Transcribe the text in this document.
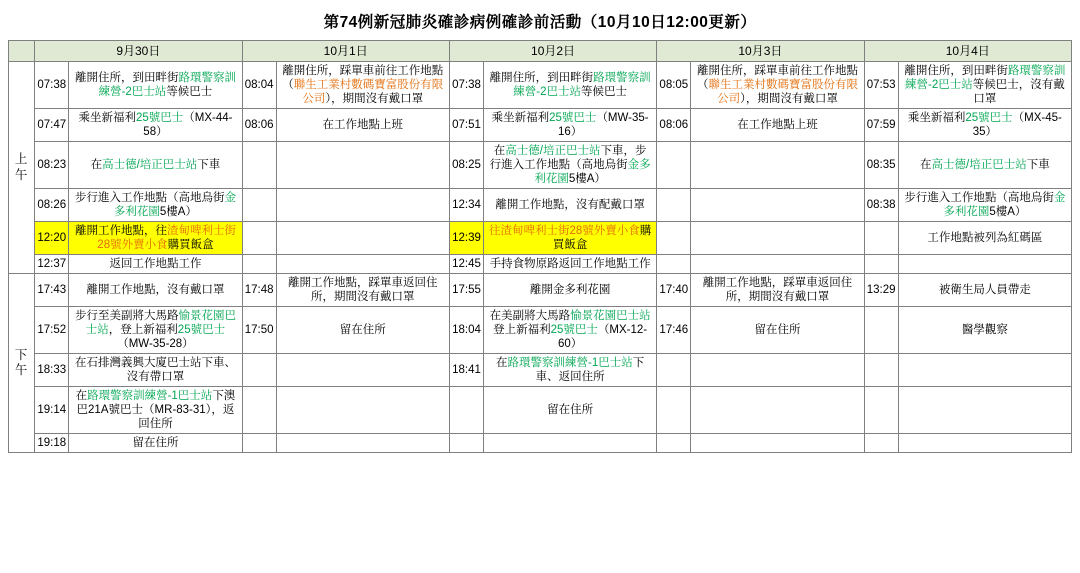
第74例新冠肺炎確診病例確診前活動（10月10日12:00更新）
	9月30日		10月1日		10月2日		10月3日		10月4日	
上午	07:38	離開住所，到田畔街路環警察訓練營-2巴士站等候巴士	08:04	離開住所，踩單車前往工作地點（聯生工業村數碼寶富股份有限公司），期間沒有戴口罩	07:38	離開住所，到田畔街路環警察訓練營-2巴士站等候巴士	08:05	離開住所，踩單車前往工作地點（聯生工業村數碼寶富股份有限公司），期間沒有戴口罩	07:53	離開住所，到田畔街路環警察訓練營-2巴士站等候巴士，沒有戴口罩
	07:47	乘坐新福利25號巴士（MX-44-58）	08:06	在工作地點上班	07:51	乘坐新福利25號巴士（MW-35-16）	08:06	在工作地點上班	07:59	乘坐新福利25號巴士（MX-45-35）
	08:23	在高士德/培正巴士站下車			08:25	在高士德/培正巴士站下車，步行進入工作地點（高地烏街金多利花園5樓A）			08:35	在高士德/培正巴士站下車
	08:26	步行進入工作地點（高地烏街金多利花園5樓A）			12:34	離開工作地點，沒有配戴口罩			08:38	步行進入工作地點（高地烏街金多利花園5樓A）
	12:20	離開工作地點，往渣甸啤利士街28號外賣小食購買飯盒			12:39	往渣甸啤利士街28號外賣小食購買飯盒				工作地點被列為紅碼區
	12:37	返回工作地點工作			12:45	手持食物原路返回工作地點工作				
下午	17:43	離開工作地點，沒有戴口罩	17:48	離開工作地點，踩單車返回住所，期間沒有戴口罩	17:55	離開金多利花園	17:40	離開工作地點，踩單車返回住所，期間沒有戴口罩	13:29	被衛生局人員帶走
	17:52	步行至美副將大馬路愉景花園巴士站，登上新福利25號巴士（MW-35-28）	17:50	留在住所	18:04	在美副將大馬路愉景花園巴士站登上新福利25號巴士（MX-12-60）	17:46	留在住所		醫學觀察
	18:33	在石排灣義興大廈巴士站下車、沒有帶口罩			18:41	在路環警察訓練營-1巴士站下車、返回住所				
	19:14	在路環警察訓練營-1巴士站下澳巴21A號巴士（MR-83-31），返回住所				留在住所				
	19:18	留在住所								
